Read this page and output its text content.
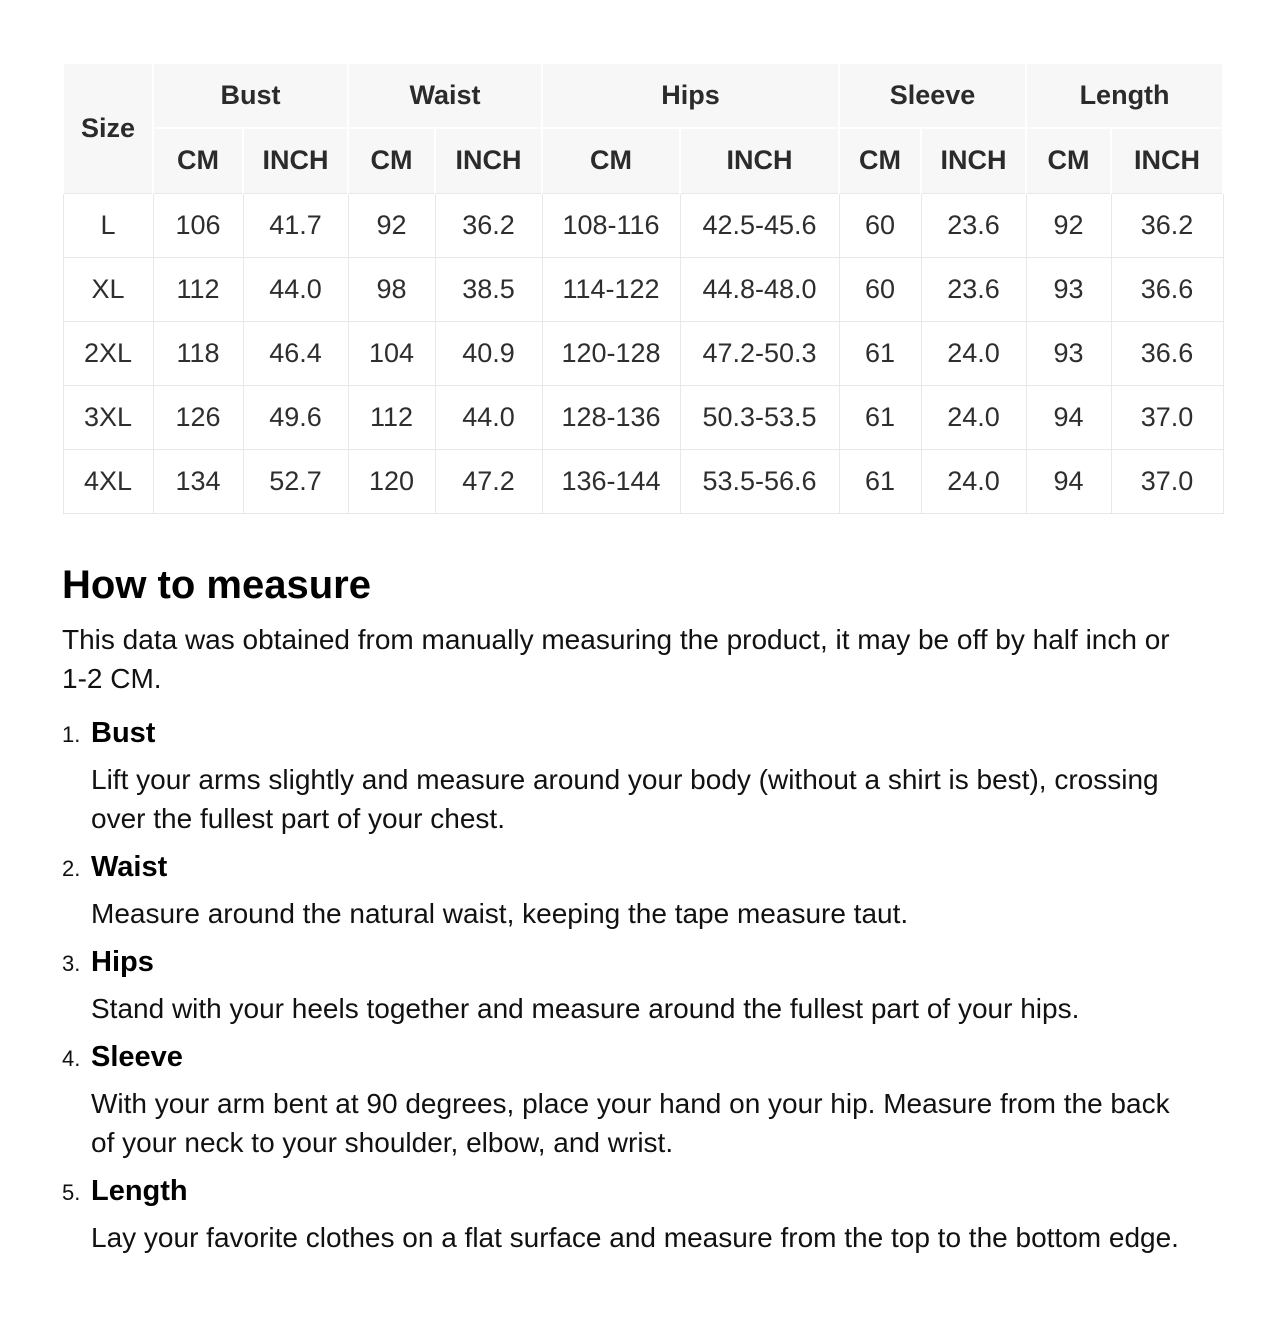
Size	Bust		Waist		Hips		Sleeve		Length	
	CM	INCH	CM	INCH	CM	INCH	CM	INCH	CM	INCH
L	106	41.7	92	36.2	108-116	42.5-45.6	60	23.6	92	36.2
XL	112	44.0	98	38.5	114-122	44.8-48.0	60	23.6	93	36.6
2XL	118	46.4	104	40.9	120-128	47.2-50.3	61	24.0	93	36.6
3XL	126	49.6	112	44.0	128-136	50.3-53.5	61	24.0	94	37.0
4XL	134	52.7	120	47.2	136-144	53.5-56.6	61	24.0	94	37.0
How to measure

This data was obtained from manually measuring the product, it may be off by half inch or 1-2 CM.

1. Bust

Lift your arms slightly and measure around your body (without a shirt is best), crossing over the fullest part of your chest.

2. Waist

Measure around the natural waist, keeping the tape measure taut.

3. Hips

Stand with your heels together and measure around the fullest part of your hips.

4. Sleeve

With your arm bent at 90 degrees, place your hand on your hip. Measure from the back of your neck to your shoulder, elbow, and wrist.

5. Length

Lay your favorite clothes on a flat surface and measure from the top to the bottom edge.
